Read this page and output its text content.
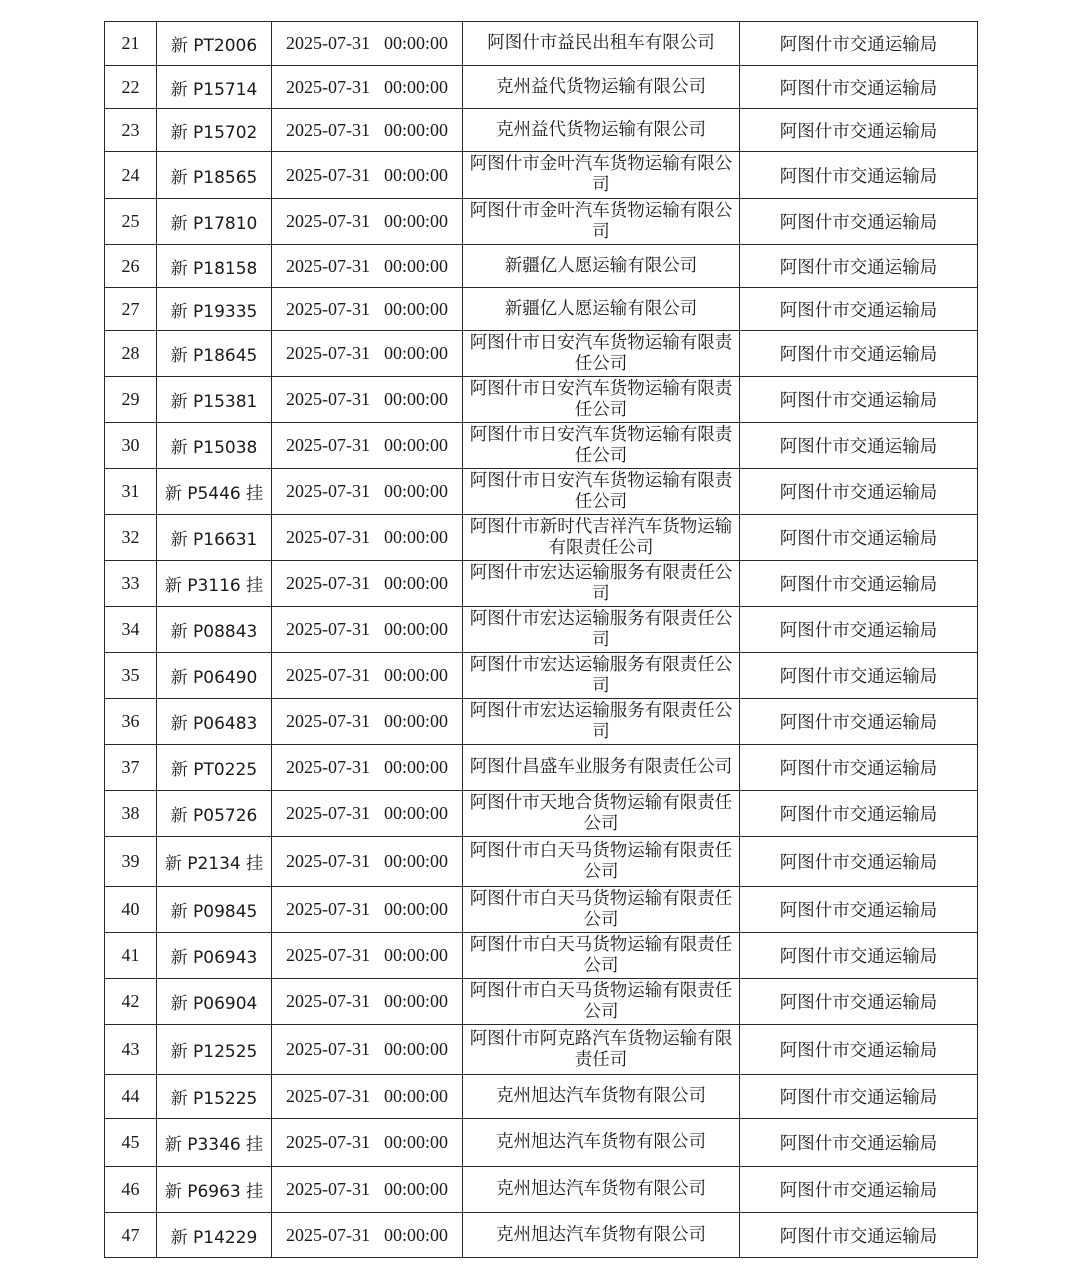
21	新 PT2006	2025-07-31 00:00:00	阿图什市益民出租车有限公司	阿图什市交通运输局
22	新 P15714	2025-07-31 00:00:00	克州益代货物运输有限公司	阿图什市交通运输局
23	新 P15702	2025-07-31 00:00:00	克州益代货物运输有限公司	阿图什市交通运输局
24	新 P18565	2025-07-31 00:00:00	阿图什市金叶汽车货物运输有限公司	阿图什市交通运输局
25	新 P17810	2025-07-31 00:00:00	阿图什市金叶汽车货物运输有限公司	阿图什市交通运输局
26	新 P18158	2025-07-31 00:00:00	新疆亿人愿运输有限公司	阿图什市交通运输局
27	新 P19335	2025-07-31 00:00:00	新疆亿人愿运输有限公司	阿图什市交通运输局
28	新 P18645	2025-07-31 00:00:00	阿图什市日安汽车货物运输有限责任公司	阿图什市交通运输局
29	新 P15381	2025-07-31 00:00:00	阿图什市日安汽车货物运输有限责任公司	阿图什市交通运输局
30	新 P15038	2025-07-31 00:00:00	阿图什市日安汽车货物运输有限责任公司	阿图什市交通运输局
31	新 P5446 挂	2025-07-31 00:00:00	阿图什市日安汽车货物运输有限责任公司	阿图什市交通运输局
32	新 P16631	2025-07-31 00:00:00	阿图什市新时代吉祥汽车货物运输有限责任公司	阿图什市交通运输局
33	新 P3116 挂	2025-07-31 00:00:00	阿图什市宏达运输服务有限责任公司	阿图什市交通运输局
34	新 P08843	2025-07-31 00:00:00	阿图什市宏达运输服务有限责任公司	阿图什市交通运输局
35	新 P06490	2025-07-31 00:00:00	阿图什市宏达运输服务有限责任公司	阿图什市交通运输局
36	新 P06483	2025-07-31 00:00:00	阿图什市宏达运输服务有限责任公司	阿图什市交通运输局
37	新 PT0225	2025-07-31 00:00:00	阿图什昌盛车业服务有限责任公司	阿图什市交通运输局
38	新 P05726	2025-07-31 00:00:00	阿图什市天地合货物运输有限责任公司	阿图什市交通运输局
39	新 P2134 挂	2025-07-31 00:00:00	阿图什市白天马货物运输有限责任公司	阿图什市交通运输局
40	新 P09845	2025-07-31 00:00:00	阿图什市白天马货物运输有限责任公司	阿图什市交通运输局
41	新 P06943	2025-07-31 00:00:00	阿图什市白天马货物运输有限责任公司	阿图什市交通运输局
42	新 P06904	2025-07-31 00:00:00	阿图什市白天马货物运输有限责任公司	阿图什市交通运输局
43	新 P12525	2025-07-31 00:00:00	阿图什市阿克路汽车货物运输有限责任司	阿图什市交通运输局
44	新 P15225	2025-07-31 00:00:00	克州旭达汽车货物有限公司	阿图什市交通运输局
45	新 P3346 挂	2025-07-31 00:00:00	克州旭达汽车货物有限公司	阿图什市交通运输局
46	新 P6963 挂	2025-07-31 00:00:00	克州旭达汽车货物有限公司	阿图什市交通运输局
47	新 P14229	2025-07-31 00:00:00	克州旭达汽车货物有限公司	阿图什市交通运输局
